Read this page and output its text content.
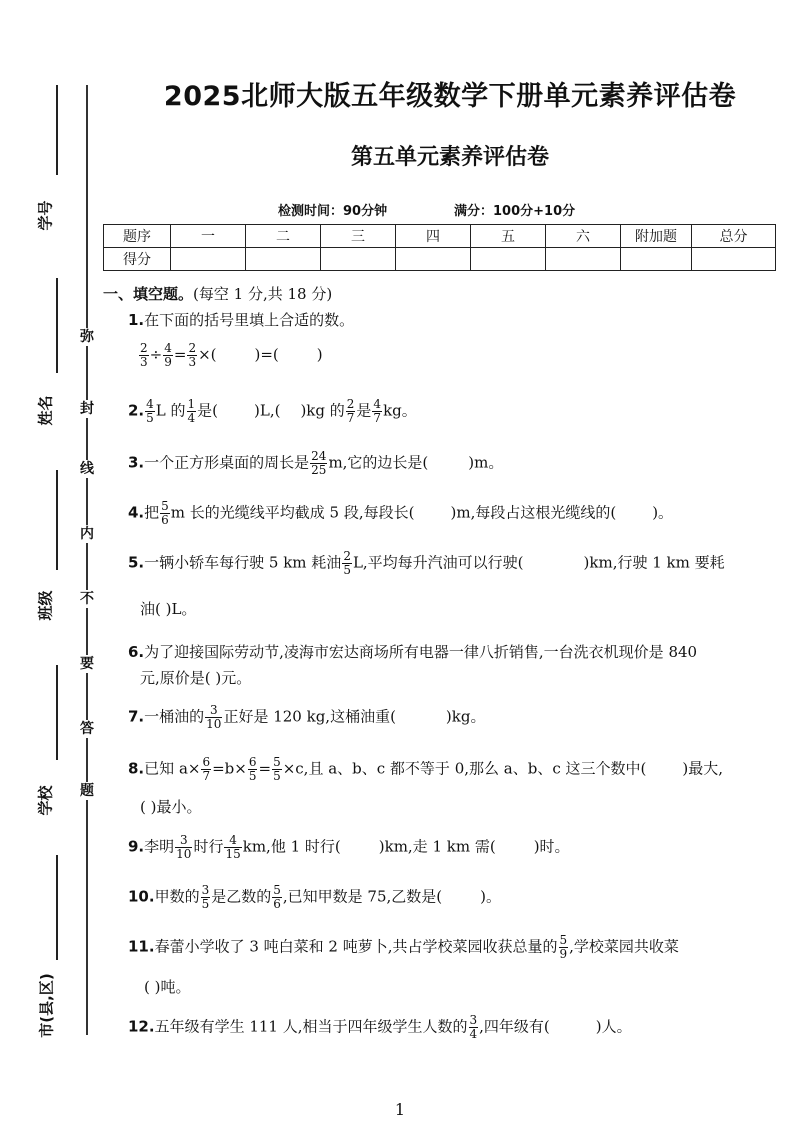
学号
姓名
班级
学校
市(县,区)
弥
封
线
内
不
要
答
题
2025北师大版五年级数学下册单元素养评估卷
第五单元素养评估卷
检测时间：90分钟	满分：100分+10分
题序	一	二	三	四	五	六	附加题	总分
得分								
一、填空题。(每空 1 分,共 18 分)
1.在下面的括号里填上合适的数。
$\frac{2}{3} \div \frac{4}{9} = \frac{2}{3}$ ×(	)=(	)
2. $\frac{4}{5}$ L 的 $\frac{1}{4}$ 是( )L,( )kg 的 $\frac{2}{7}$ 是 $\frac{4}{7}$ kg。
3.一个正方形桌面的周长是 $\frac{24}{25} m$,它的边长是(	)m。
4.把 $\frac{5}{6}$ m 长的光缆线平均截成 5 段,每段长( )m,每段占这根光缆线的( )。
5.一辆小轿车每行驶 5 km 耗油 $\frac{2}{5} L$,平均每升汽油可以行驶(	)km,行驶 1 km 要耗
油( )L。
6.为了迎接国际劳动节,凌海市宏达商场所有电器一律八折销售,一台洗衣机现价是 840
元,原价是( )元。
7.一桶油的 $\frac{3}{10}$ 正好是 120 kg,这桶油重(	)kg。
8.已知 $a\times \frac{6}{7} =b\times \frac{6}{5} = \frac{5}{5} \times c$,且 a、b、c 都不等于 0,那么 a、b、c 这三个数中( )最大,
( )最小。
9.李明 $\frac{3}{10}$ 时行 $\frac{4}{15}$ km,他 1 时行(	)km,走 1 km 需(	)时。
10.甲数的 $\frac{3}{5}$ 是乙数的 $\frac{5}{6}$ ,已知甲数是 75,乙数是(	)。
11.春蕾小学收了 3 吨白菜和 2 吨萝卜,共占学校菜园收获总量的 $\frac{5}{9}$ ,学校菜园共收菜
( )吨。
12.五年级有学生 111 人,相当于四年级学生人数的 $\frac{3}{4}$ ,四年级有(	)人。
1
